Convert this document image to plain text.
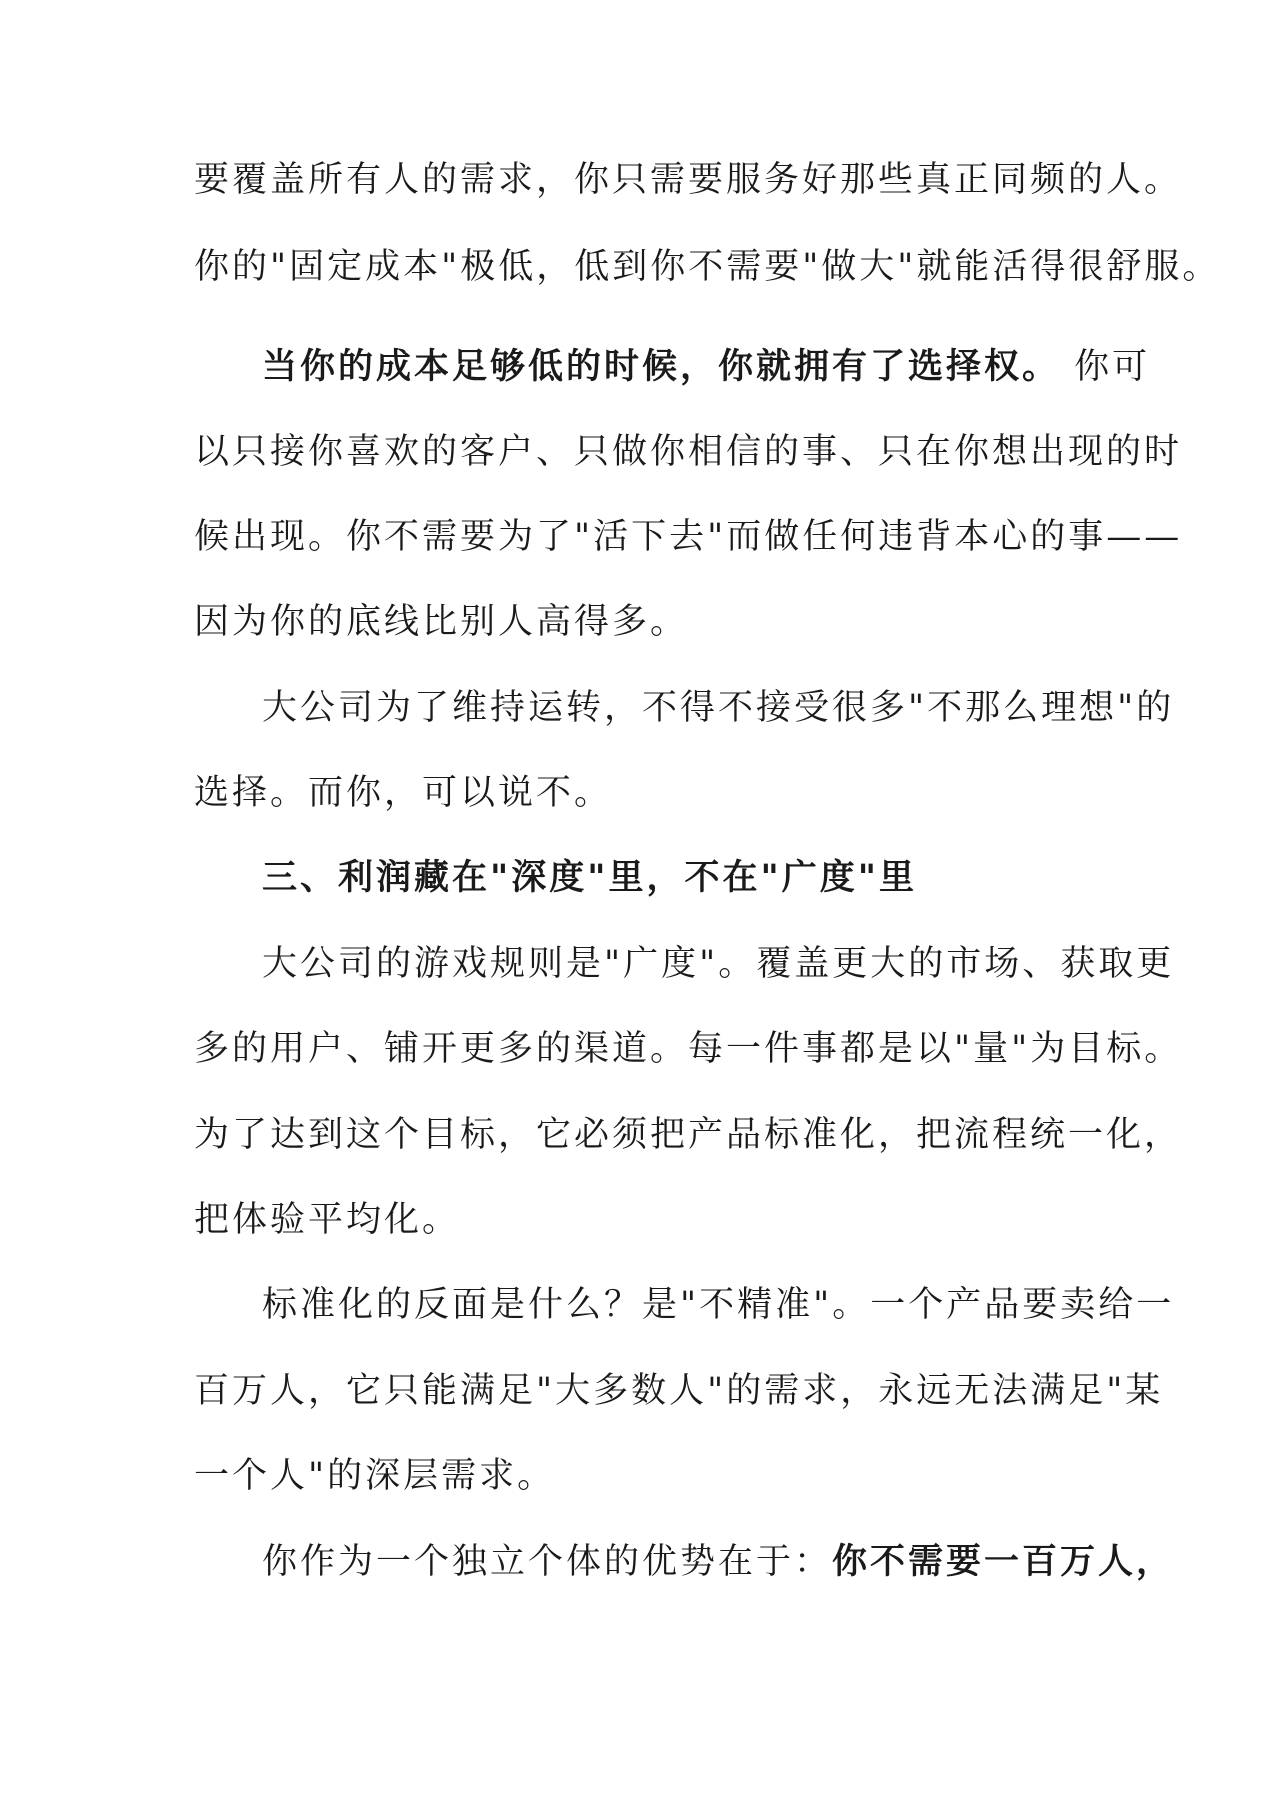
要覆盖所有人的需求，你只需要服务好那些真正同频的人。

你的"固定成本"极低，低到你不需要"做大"就能活得很舒服。

当你的成本足够低的时候，你就拥有了选择权。 你可

以只接你喜欢的客户、只做你相信的事、只在你想出现的时

候出现。你不需要为了"活下去"而做任何违背本心的事——

因为你的底线比别人高得多。

大公司为了维持运转，不得不接受很多"不那么理想"的

选择。而你，可以说不。

三、利润藏在"深度"里，不在"广度"里

大公司的游戏规则是"广度"。覆盖更大的市场、获取更

多的用户、铺开更多的渠道。每一件事都是以"量"为目标。

为了达到这个目标，它必须把产品标准化，把流程统一化，

把体验平均化。

标准化的反面是什么？是"不精准"。一个产品要卖给一

百万人，它只能满足"大多数人"的需求，永远无法满足"某

一个人"的深层需求。

你作为一个独立个体的优势在于：你不需要一百万人，
